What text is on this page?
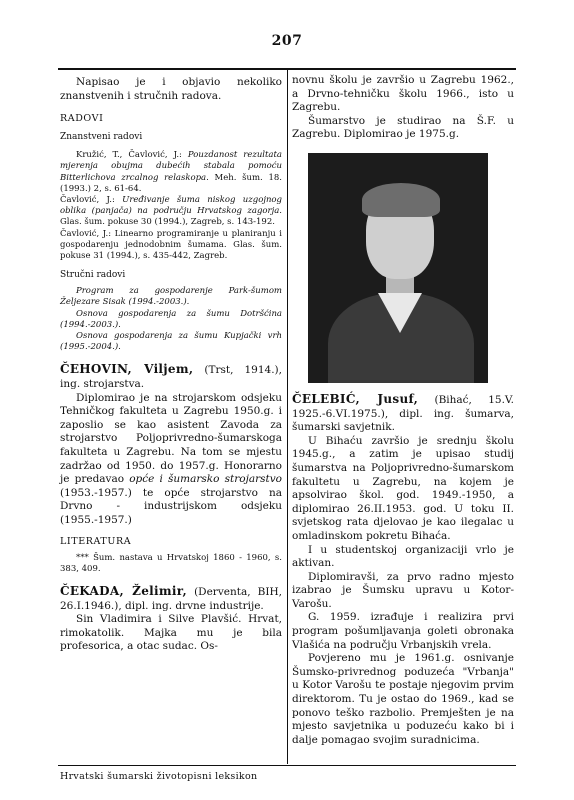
207

Napisao je i objavio nekoliko znanstvenih i stručnih radova.

RADOVI

Znanstveni radovi

Kružić, T., Čavlović, J.: Pouzdanost rezultata mjerenja obujma dubećih stabala pomoću Bitterlichova zrcalnog relaskopa. Meh. šum. 18. (1993.) 2, s. 61-64.

Čavlović, J.: Uređivanje šuma niskog uzgojnog oblika (panjača) na području Hrvatskog zagorja. Glas. šum. pokuse 30 (1994.), Zagreb, s. 143-192.

Čavlović, J.: Linearno programiranje u planiranju i gospodarenju jednodobnim šumama. Glas. šum. pokuse 31 (1994.), s. 435-442, Zagreb.

Stručni radovi

Program za gospodarenje Park-šumom Željezare Sisak (1994.-2003.).

Osnova gospodarenja za šumu Dotršćina (1994.-2003.).

Osnova gospodarenja za šumu Kupjački vrh (1995.-2004.).

ČEHOVIN, Viljem, (Trst, 1914.), ing. strojarstva.

Diplomirao je na strojarskom odsjeku Tehničkog fakulteta u Zagrebu 1950.g. i zaposlio se kao asistent Zavoda za strojarstvo Poljoprivredno-šumarskoga fakulteta u Zagrebu. Na tom se mjestu zadržao od 1950. do 1957.g. Honorarno je predavao opće i šumarsko strojarstvo (1953.-1957.) te opće strojarstvo na Drvno - industrijskom odsjeku (1955.-1957.)

LITERATURA

*** Šum. nastava u Hrvatskoj 1860 - 1960, s. 383, 409.

ČEKADA, Želimir, (Derventa, BIH, 26.I.1946.), dipl. ing. drvne industrije.

Sin Vladimira i Silve Plavšić. Hrvat, rimokatolik. Majka mu je bila profesorica, a otac sudac. Os-

novnu školu je završio u Zagrebu 1962., a Drvno-tehničku školu 1966., isto u Zagrebu.

Šumarstvo je studirao na Š.F. u Zagrebu. Diplomirao je 1975.g.

ČELEBIĆ, Jusuf, (Bihać, 15.V. 1925.-6.VI.1975.), dipl. ing. šumarva, šumarski savjetnik.

U Bihaću završio je srednju školu 1945.g., a zatim je upisao studij šumarstva na Poljoprivredno-šumarskom fakultetu u Zagrebu, na kojem je apsolvirao škol. god. 1949.-1950, a diplomirao 26.II.1953. god. U toku II. svjetskog rata djelovao je kao ilegalac u omladinskom pokretu Bihaća.

I u studentskoj organizaciji vrlo je aktivan.

Diplomiravši, za prvo radno mjesto izabrao je Šumsku upravu u Kotor-Varošu.

G. 1959. izrađuje i realizira prvi program pošumljavanja goleti obronaka Vlašića na području Vrbanjskih vrela.

Povjereno mu je 1961.g. osnivanje Šumsko-privrednog poduzeća "Vrbanja" u Kotor Varošu te postaje njegovim prvim direktorom. Tu je ostao do 1969., kad se ponovo teško razbolio. Premješten je na mjesto savjetnika u poduzeću kako bi i dalje pomagao svojim suradnicima.

Hrvatski šumarski životopisni leksikon
